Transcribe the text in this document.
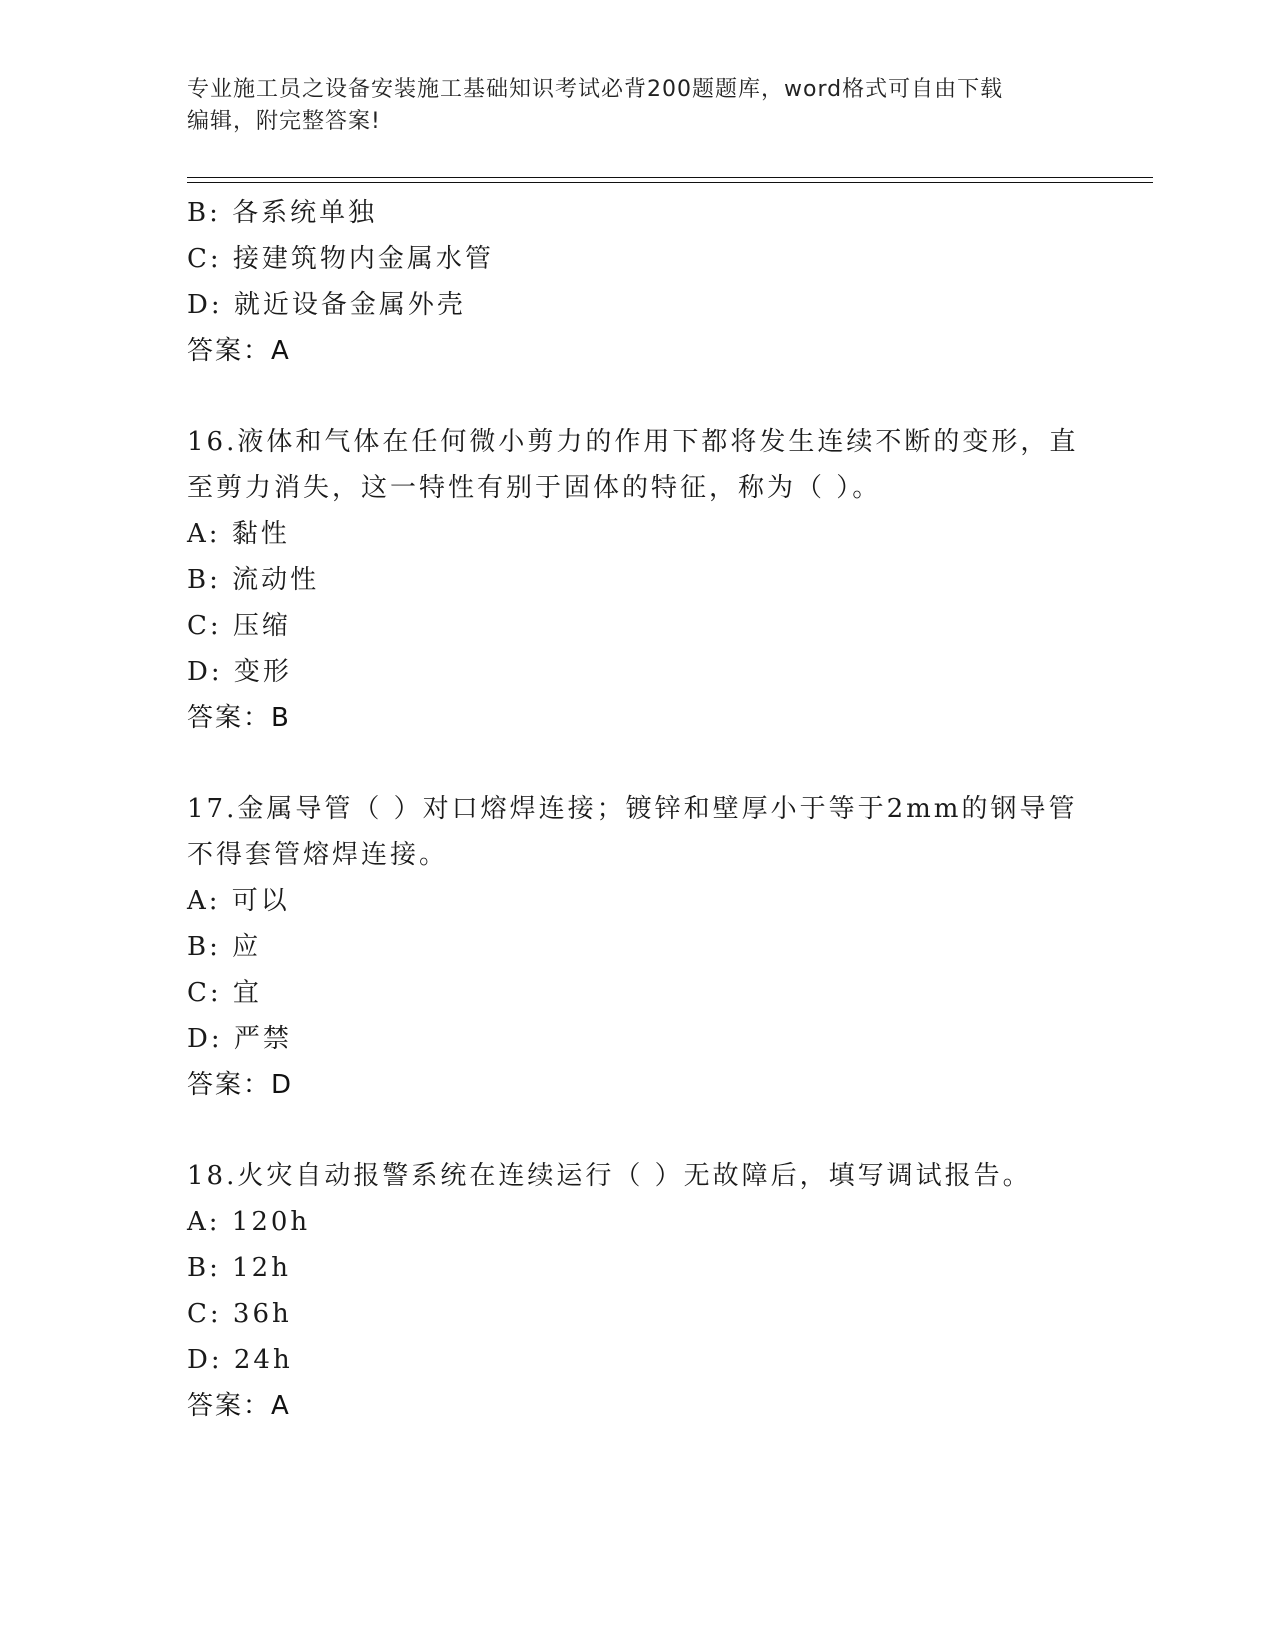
专业施工员之设备安装施工基础知识考试必背200题题库，word格式可自由下载
编辑，附完整答案!
B: 各系统单独
C: 接建筑物内金属水管
D: 就近设备金属外壳
答案：A
16.液体和气体在任何微小剪力的作用下都将发生连续不断的变形，直
至剪力消失，这一特性有别于固体的特征，称为（ ）。
A: 黏性
B: 流动性
C: 压缩
D: 变形
答案：B
17.金属导管（ ）对口熔焊连接；镀锌和壁厚小于等于2mm的钢导管
不得套管熔焊连接。
A: 可以
B: 应
C: 宜
D: 严禁
答案：D
18.火灾自动报警系统在连续运行（ ）无故障后，填写调试报告。
A: 120h
B: 12h
C: 36h
D: 24h
答案：A
